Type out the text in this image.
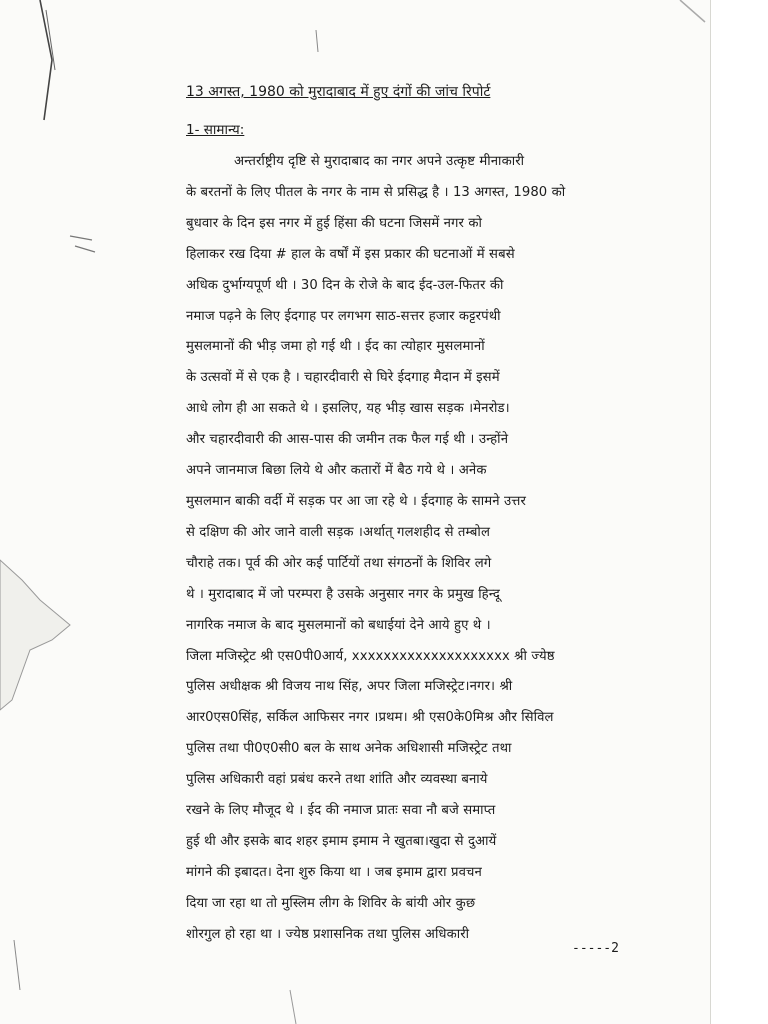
13 अगस्त, 1980 को मुरादाबाद में हुए दंगों की जांच रिपोर्ट
1- सामान्य:
अन्तर्राष्ट्रीय दृष्टि से मुरादाबाद का नगर अपने उत्कृष्ट मीनाकारी
के बरतनों के लिए पीतल के नगर के नाम से प्रसिद्ध है । 13 अगस्त, 1980 को
बुधवार के दिन इस नगर में हुई हिंसा की घटना जिसमें नगर को
हिलाकर रख दिया # हाल के वर्षों में इस प्रकार की घटनाओं में सबसे
अधिक दुर्भाग्यपूर्ण थी । 30 दिन के रोजे के बाद ईद-उल-फितर की
नमाज पढ़ने के लिए ईदगाह पर लगभग साठ-सत्तर हजार कट्टरपंथी
मुसलमानों की भीड़ जमा हो गई थी । ईद का त्योहार मुसलमानों
के उत्सवों में से एक है । चहारदीवारी से घिरे ईदगाह मैदान में इसमें
आधे लोग ही आ सकते थे । इसलिए, यह भीड़ खास सड़क ।मेनरोड।
और चहारदीवारी की आस-पास की जमीन तक फैल गई थी । उन्होंने
अपने जानमाज बिछा लिये थे और कतारों में बैठ गये थे । अनेक
मुसलमान बाकी वर्दी में सड़क पर आ जा रहे थे । ईदगाह के सामने उत्तर
से दक्षिण की ओर जाने वाली सड़क ।अर्थात् गलशहीद से तम्बोल
चौराहे तक। पूर्व की ओर कई पार्टियों तथा संगठनों के शिविर लगे
थे । मुरादाबाद में जो परम्परा है उसके अनुसार नगर के प्रमुख हिन्दू
नागरिक नमाज के बाद मुसलमानों को बधाईयां देने आये हुए थे ।
जिला मजिस्ट्रेट श्री एस0पी0आर्य, xxxxxxxxxxxxxxxxxxxx श्री ज्येष्ठ
पुलिस अधीक्षक श्री विजय नाथ सिंह, अपर जिला मजिस्ट्रेट।नगर। श्री
आर0एस0सिंह, सर्किल आफिसर नगर ।प्रथम। श्री एस0के0मिश्र और सिविल
पुलिस तथा पी0ए0सी0 बल के साथ अनेक अधिशासी मजिस्ट्रेट तथा
पुलिस अधिकारी वहां प्रबंध करने तथा शांति और व्यवस्था बनाये
रखने के लिए मौजूद थे । ईद की नमाज प्रातः सवा नौ बजे समाप्त
हुई थी और इसके बाद शहर इमाम इमाम ने खुतबा।खुदा से दुआयें
मांगने की इबादत। देना शुरु किया था । जब इमाम द्वारा प्रवचन
दिया जा रहा था तो मुस्लिम लीग के शिविर के बांयी ओर कुछ
शोरगुल हो रहा था । ज्येष्ठ प्रशासनिक तथा पुलिस अधिकारी
-----2
